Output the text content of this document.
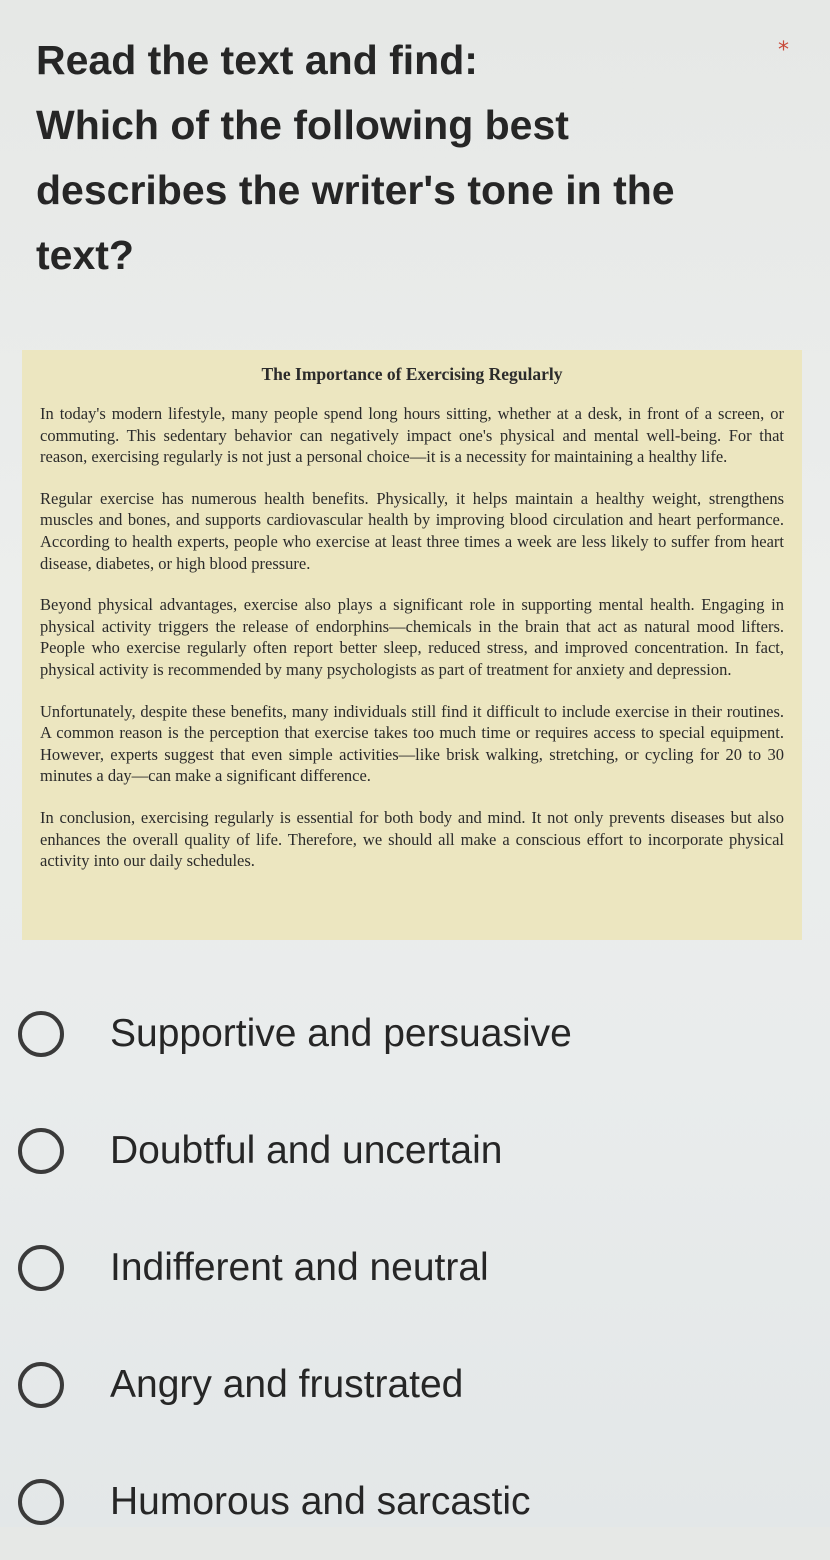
Read the text and find:
Which of the following best
describes the writer's tone in the
text?
*
The Importance of Exercising Regularly

In today's modern lifestyle, many people spend long hours sitting, whether at a desk, in front of a screen, or commuting. This sedentary behavior can negatively impact one's physical and mental well-being. For that reason, exercising regularly is not just a personal choice—it is a necessity for maintaining a healthy life.

Regular exercise has numerous health benefits. Physically, it helps maintain a healthy weight, strengthens muscles and bones, and supports cardiovascular health by improving blood circulation and heart performance. According to health experts, people who exercise at least three times a week are less likely to suffer from heart disease, diabetes, or high blood pressure.

Beyond physical advantages, exercise also plays a significant role in supporting mental health. Engaging in physical activity triggers the release of endorphins—chemicals in the brain that act as natural mood lifters. People who exercise regularly often report better sleep, reduced stress, and improved concentration. In fact, physical activity is recommended by many psychologists as part of treatment for anxiety and depression.

Unfortunately, despite these benefits, many individuals still find it difficult to include exercise in their routines. A common reason is the perception that exercise takes too much time or requires access to special equipment. However, experts suggest that even simple activities—like brisk walking, stretching, or cycling for 20 to 30 minutes a day—can make a significant difference.

In conclusion, exercising regularly is essential for both body and mind. It not only prevents diseases but also enhances the overall quality of life. Therefore, we should all make a conscious effort to incorporate physical activity into our daily schedules.

Supportive and persuasive
Doubtful and uncertain
Indifferent and neutral
Angry and frustrated
Humorous and sarcastic
